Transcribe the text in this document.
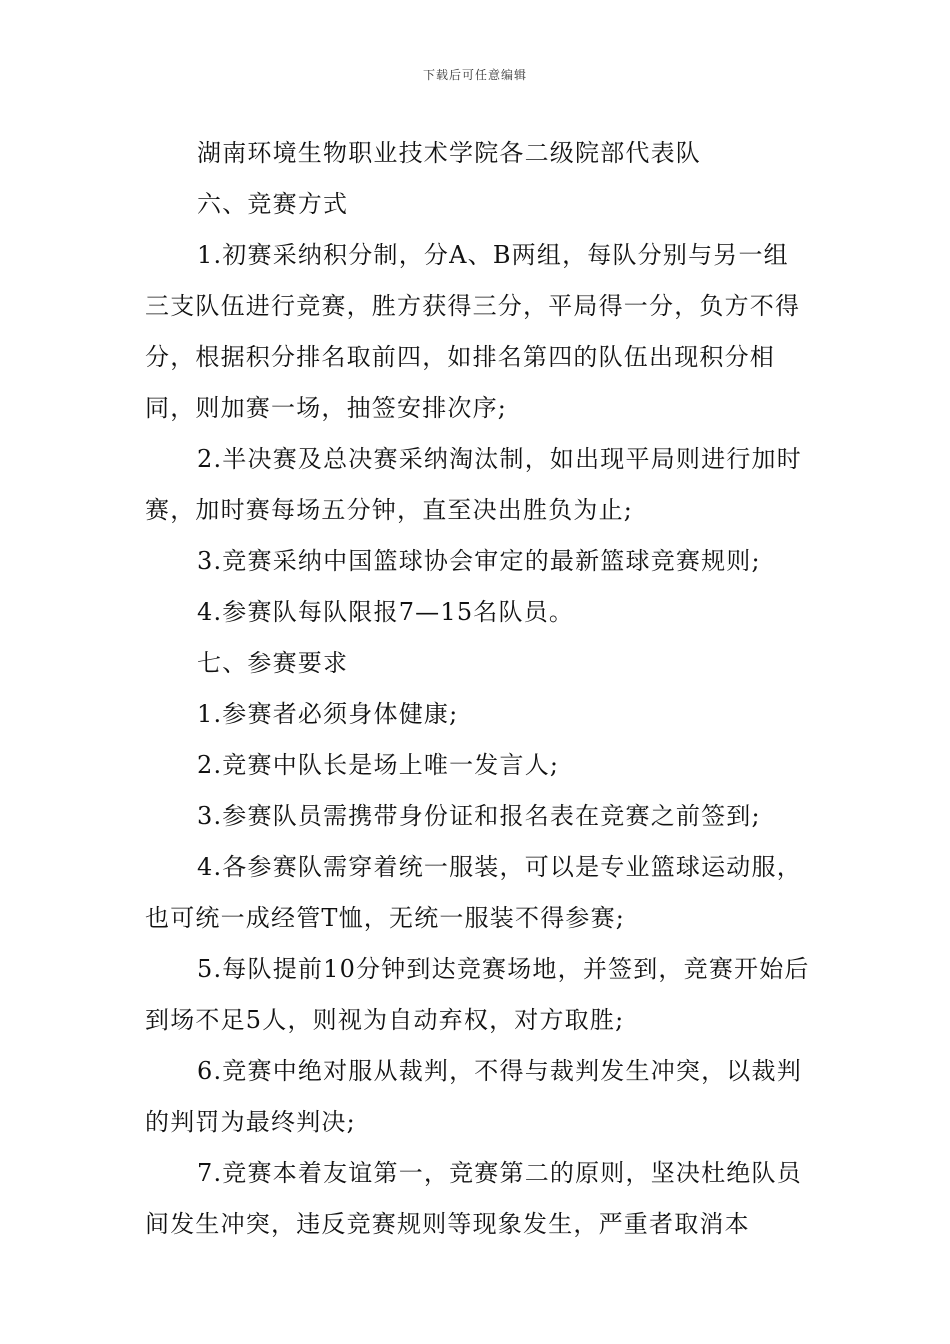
下载后可任意编辑

湖南环境生物职业技术学院各二级院部代表队

六、竞赛方式

1.初赛采纳积分制，分A、B两组，每队分别与另一组三支队伍进行竞赛，胜方获得三分，平局得一分，负方不得分，根据积分排名取前四，如排名第四的队伍出现积分相同，则加赛一场，抽签安排次序;

2.半决赛及总决赛采纳淘汰制，如出现平局则进行加时赛，加时赛每场五分钟，直至决出胜负为止;

3.竞赛采纳中国篮球协会审定的最新篮球竞赛规则;

4.参赛队每队限报7—15名队员。

七、参赛要求

1.参赛者必须身体健康;

2.竞赛中队长是场上唯一发言人;

3.参赛队员需携带身份证和报名表在竞赛之前签到;

4.各参赛队需穿着统一服装，可以是专业篮球运动服，也可统一成经管T恤，无统一服装不得参赛;

5.每队提前10分钟到达竞赛场地，并签到，竞赛开始后到场不足5人，则视为自动弃权，对方取胜;

6.竞赛中绝对服从裁判，不得与裁判发生冲突，以裁判的判罚为最终判决;

7.竞赛本着友谊第一，竞赛第二的原则，坚决杜绝队员间发生冲突，违反竞赛规则等现象发生，严重者取消本
